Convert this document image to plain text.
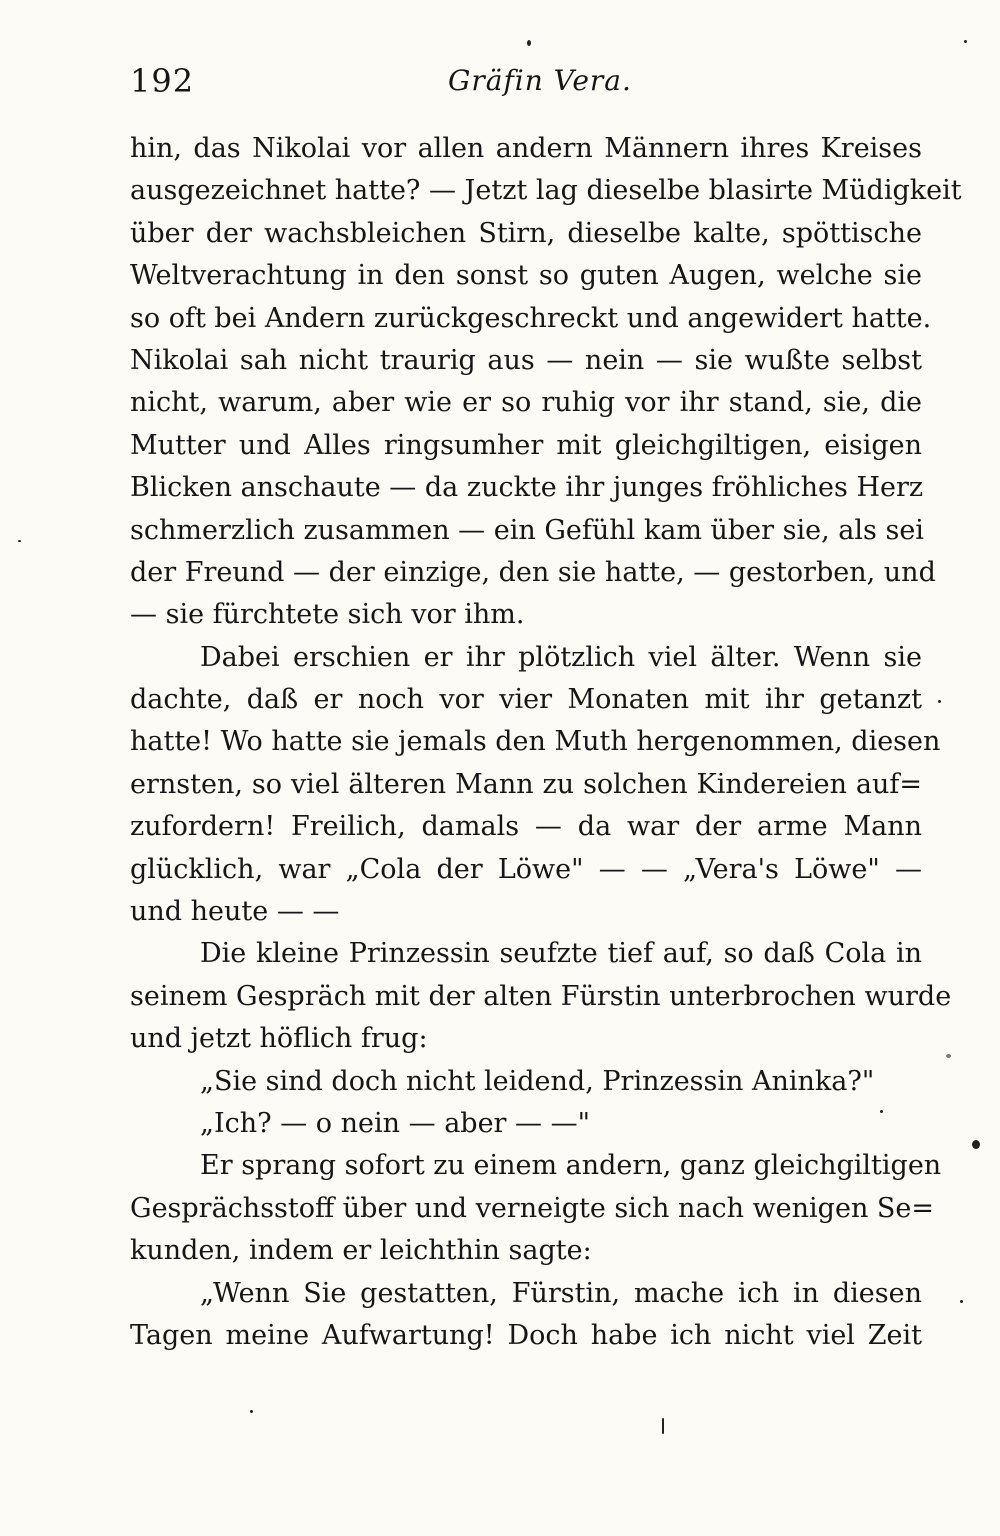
192	Gräfin Vera.
hin, das Nikolai vor allen andern Männern ihres Kreises
ausgezeichnet hatte? — Jetzt lag dieselbe blasirte Müdigkeit
über der wachsbleichen Stirn, dieselbe kalte, spöttische
Weltverachtung in den sonst so guten Augen, welche sie
so oft bei Andern zurückgeschreckt und angewidert hatte.
Nikolai sah nicht traurig aus — nein — sie wußte selbst
nicht, warum, aber wie er so ruhig vor ihr stand, sie, die
Mutter und Alles ringsumher mit gleichgiltigen, eisigen
Blicken anschaute — da zuckte ihr junges fröhliches Herz
schmerzlich zusammen — ein Gefühl kam über sie, als sei
der Freund — der einzige, den sie hatte, — gestorben, und
— sie fürchtete sich vor ihm.
Dabei erschien er ihr plötzlich viel älter. Wenn sie
dachte, daß er noch vor vier Monaten mit ihr getanzt
hatte! Wo hatte sie jemals den Muth hergenommen, diesen
ernsten, so viel älteren Mann zu solchen Kindereien auf=
zufordern! Freilich, damals — da war der arme Mann
glücklich, war „Cola der Löwe" — — „Vera's Löwe" —
und heute — —
Die kleine Prinzessin seufzte tief auf, so daß Cola in
seinem Gespräch mit der alten Fürstin unterbrochen wurde
und jetzt höflich frug:
„Sie sind doch nicht leidend, Prinzessin Aninka?"
„Ich? — o nein — aber — —"
Er sprang sofort zu einem andern, ganz gleichgiltigen
Gesprächsstoff über und verneigte sich nach wenigen Se=
kunden, indem er leichthin sagte:
„Wenn Sie gestatten, Fürstin, mache ich in diesen
Tagen meine Aufwartung! Doch habe ich nicht viel Zeit
